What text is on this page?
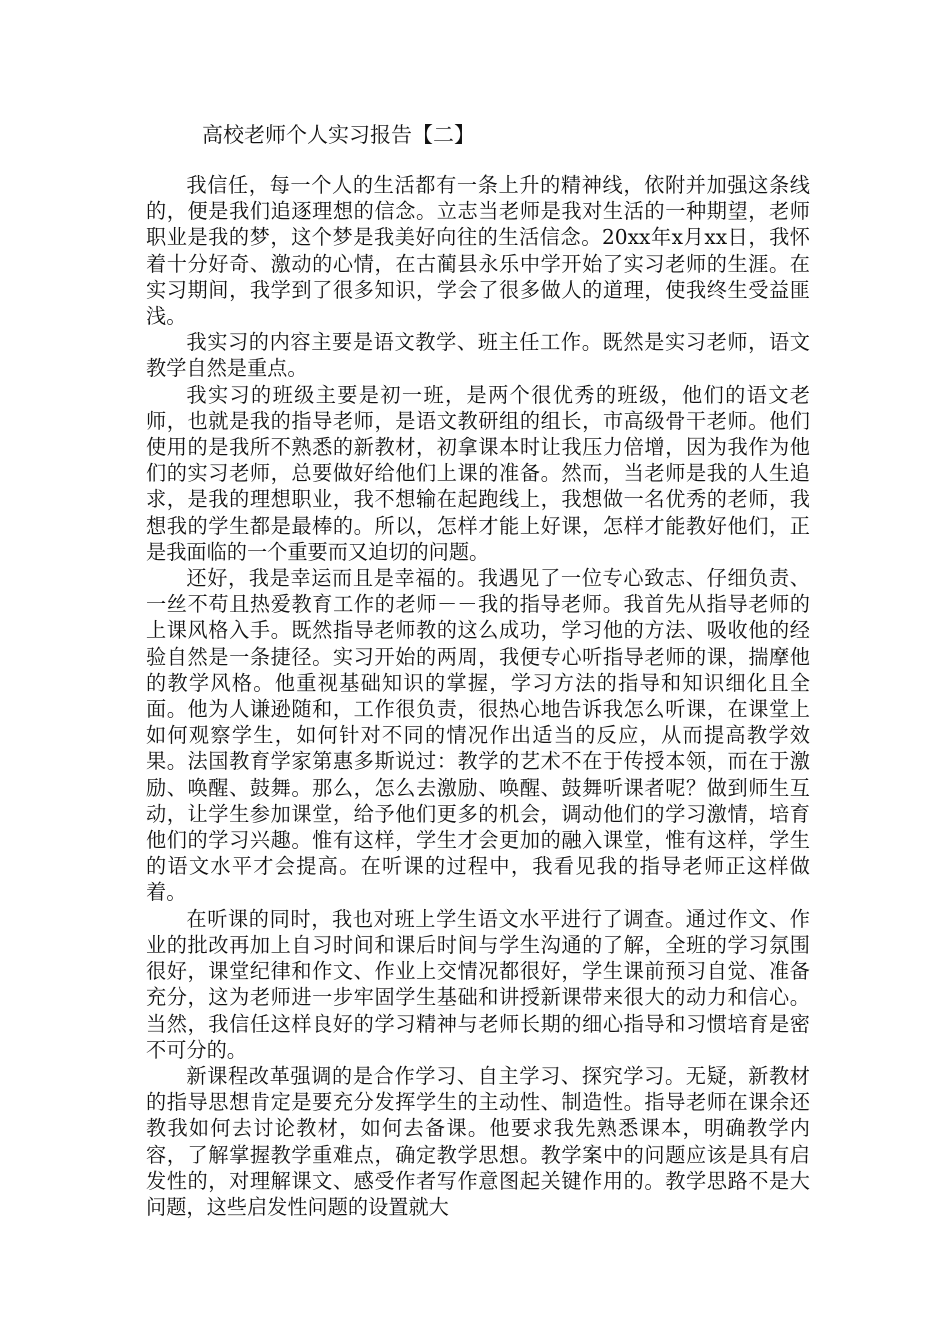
高校老师个人实习报告【二】

我信任，每一个人的生活都有一条上升的精神线，依附并加强这条线的，便是我们追逐理想的信念。立志当老师是我对生活的一种期望，老师职业是我的梦，这个梦是我美好向往的生活信念。20xx年x月xx日，我怀着十分好奇、激动的心情，在古蔺县永乐中学开始了实习老师的生涯。在实习期间，我学到了很多知识，学会了很多做人的道理，使我终生受益匪浅。

我实习的内容主要是语文教学、班主任工作。既然是实习老师，语文教学自然是重点。

我实习的班级主要是初一班，是两个很优秀的班级，他们的语文老师，也就是我的指导老师，是语文教研组的组长，市高级骨干老师。他们使用的是我所不熟悉的新教材，初拿课本时让我压力倍增，因为我作为他们的实习老师，总要做好给他们上课的准备。然而，当老师是我的人生追求，是我的理想职业，我不想输在起跑线上，我想做一名优秀的老师，我想我的学生都是最棒的。所以，怎样才能上好课，怎样才能教好他们，正是我面临的一个重要而又迫切的问题。

还好，我是幸运而且是幸福的。我遇见了一位专心致志、仔细负责、一丝不苟且热爱教育工作的老师－－我的指导老师。我首先从指导老师的上课风格入手。既然指导老师教的这么成功，学习他的方法、吸收他的经验自然是一条捷径。实习开始的两周，我便专心听指导老师的课，揣摩他的教学风格。他重视基础知识的掌握，学习方法的指导和知识细化且全面。他为人谦逊随和，工作很负责，很热心地告诉我怎么听课，在课堂上如何观察学生，如何针对不同的情况作出适当的反应，从而提高教学效果。法国教育学家第惠多斯说过：教学的艺术不在于传授本领，而在于激励、唤醒、鼓舞。那么，怎么去激励、唤醒、鼓舞听课者呢？做到师生互动，让学生参加课堂，给予他们更多的机会，调动他们的学习激情，培育他们的学习兴趣。惟有这样，学生才会更加的融入课堂，惟有这样，学生的语文水平才会提高。在听课的过程中，我看见我的指导老师正这样做着。

在听课的同时，我也对班上学生语文水平进行了调查。通过作文、作业的批改再加上自习时间和课后时间与学生沟通的了解，全班的学习氛围很好，课堂纪律和作文、作业上交情况都很好，学生课前预习自觉、准备充分，这为老师进一步牢固学生基础和讲授新课带来很大的动力和信心。当然，我信任这样良好的学习精神与老师长期的细心指导和习惯培育是密不可分的。

新课程改革强调的是合作学习、自主学习、探究学习。无疑，新教材的指导思想肯定是要充分发挥学生的主动性、制造性。指导老师在课余还教我如何去讨论教材，如何去备课。他要求我先熟悉课本，明确教学内容，了解掌握教学重难点，确定教学思想。教学案中的问题应该是具有启发性的，对理解课文、感受作者写作意图起关键作用的。教学思路不是大问题，这些启发性问题的设置就大
